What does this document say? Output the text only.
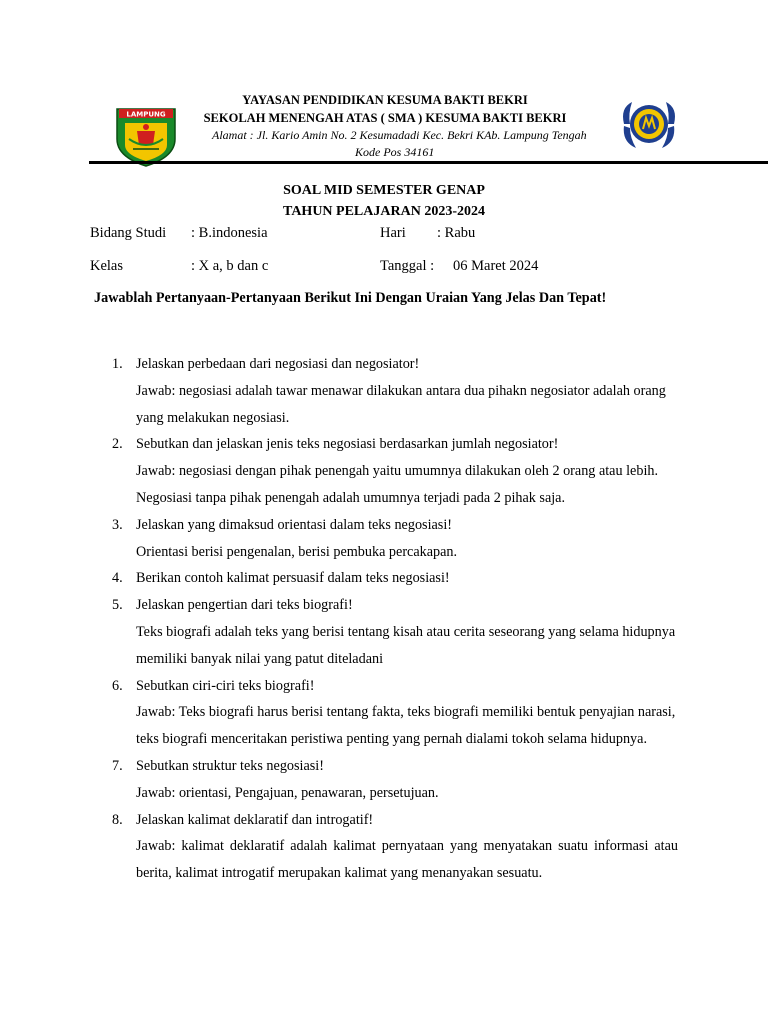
LAMPUNG
YAYASAN PENDIDIKAN KESUMA BAKTI BEKRI
SEKOLAH MENENGAH ATAS ( SMA ) KESUMA BAKTI BEKRI
Alamat : Jl. Kario Amin No. 2 Kesumadadi Kec. Bekri KAb. Lampung Tengah
Kode Pos 34161
SOAL MID SEMESTER GENAP
TAHUN PELAJARAN 2023-2024
Bidang Studi : B.indonesia	Hari : Rabu
Kelas	: X a, b dan c	Tanggal : 06 Maret 2024
Jawablah Pertanyaan-Pertanyaan Berikut Ini Dengan Uraian Yang Jelas Dan Tepat!
1. Jelaskan perbedaan dari negosiasi dan negosiator!

Jawab: negosiasi adalah tawar menawar dilakukan antara dua pihakn negosiator adalah orang yang melakukan negosiasi.

2. Sebutkan dan jelaskan jenis teks negosiasi berdasarkan jumlah negosiator!

Jawab: negosiasi dengan pihak penengah yaitu umumnya dilakukan oleh 2 orang atau lebih. Negosiasi tanpa pihak penengah adalah umumnya terjadi pada 2 pihak saja.

3. Jelaskan yang dimaksud orientasi dalam teks negosiasi!

Orientasi berisi pengenalan, berisi pembuka percakapan.

4. Berikan contoh kalimat persuasif dalam teks negosiasi!

5. Jelaskan pengertian dari teks biografi!

Teks biografi adalah teks yang berisi tentang kisah atau cerita seseorang yang selama hidupnya memiliki banyak nilai yang patut diteladani

6. Sebutkan ciri-ciri teks biografi!

Jawab: Teks biografi harus berisi tentang fakta, teks biografi memiliki bentuk penyajian narasi, teks biografi menceritakan peristiwa penting yang pernah dialami tokoh selama hidupnya.

7. Sebutkan struktur teks negosiasi!

Jawab: orientasi, Pengajuan, penawaran, persetujuan.

8. Jelaskan kalimat deklaratif dan introgatif!

Jawab: kalimat deklaratif adalah kalimat pernyataan yang menyatakan suatu informasi atau berita, kalimat introgatif merupakan kalimat yang menanyakan sesuatu.
